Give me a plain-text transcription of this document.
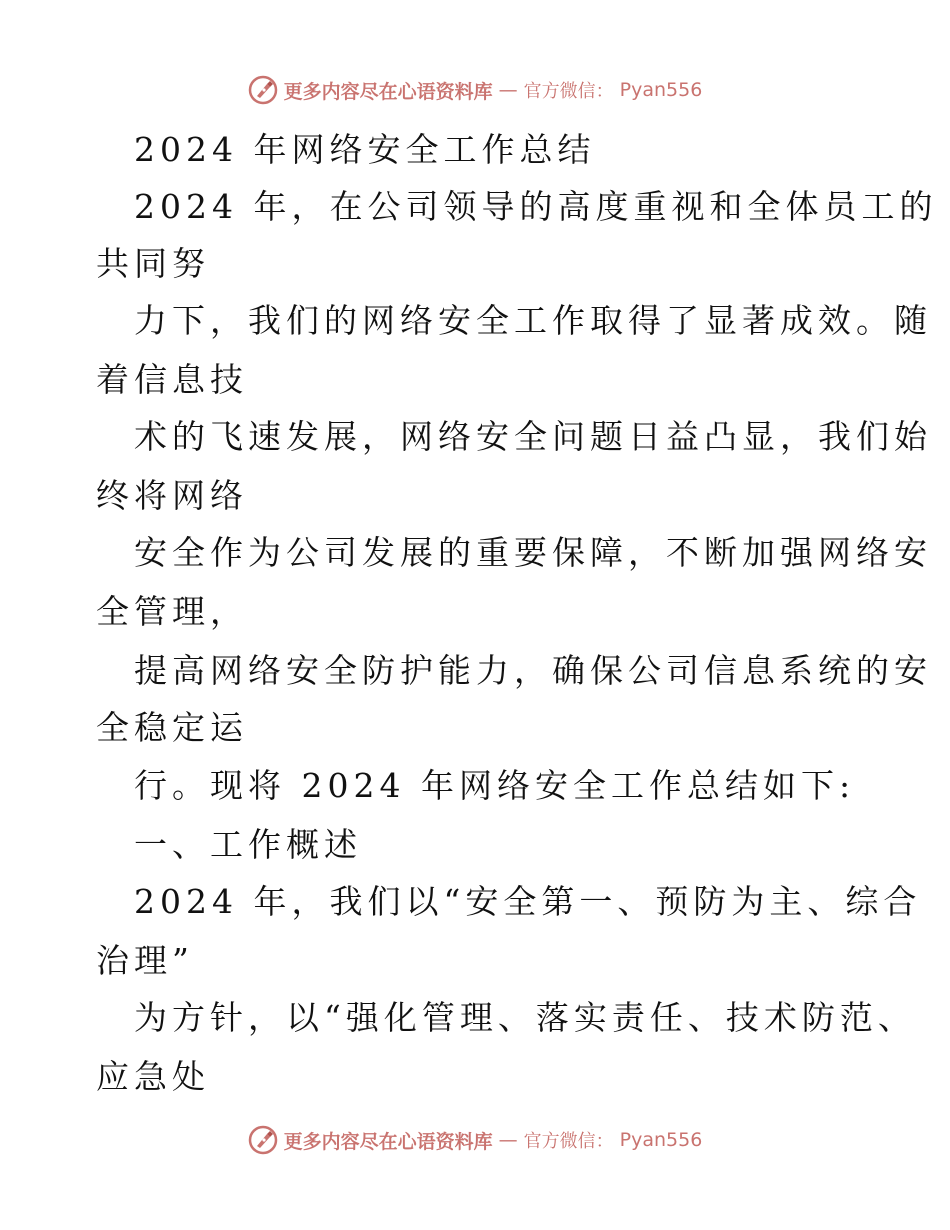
更多内容尽在心语资料库 — 官方微信： Pyan556
2024 年网络安全工作总结
2024 年，在公司领导的高度重视和全体员工的
共同努
力下，我们的网络安全工作取得了显著成效。随
着信息技
术的飞速发展，网络安全问题日益凸显，我们始
终将网络
安全作为公司发展的重要保障，不断加强网络安
全管理，
提高网络安全防护能力，确保公司信息系统的安
全稳定运
行。现将 2024 年网络安全工作总结如下:
一、工作概述
2024 年，我们以“安全第一、预防为主、综合
治理”
为方针，以“强化管理、落实责任、技术防范、
应急处
更多内容尽在心语资料库 — 官方微信： Pyan556
